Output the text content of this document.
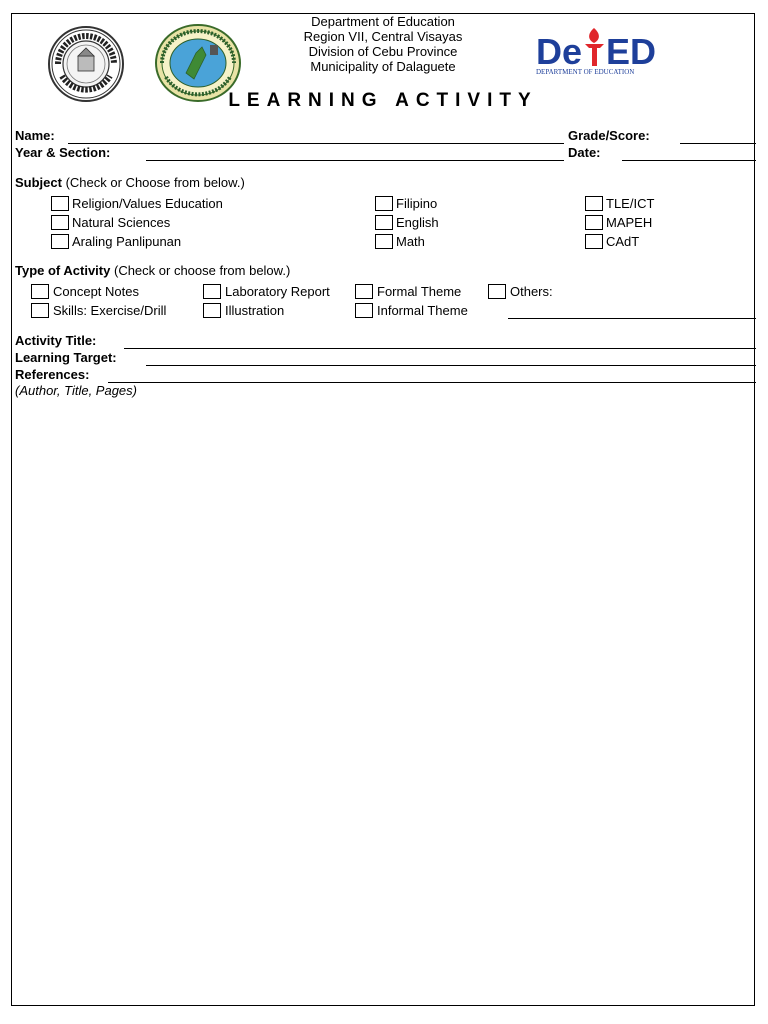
Department of Education
Region VII, Central Visayas
Division of Cebu Province
Municipality of Dalaguete	De ED
DEPARTMENT OF EDUCATION
LEARNING ACTIVITY
Name:	Grade/Score:
Year & Section:	Date:
Subject (Check or Choose from below.)
Religion/Values Education
Natural Sciences
Araling Panlipunan
Filipino
English
Math
TLE/ICT
MAPEH
CAdT
Type of Activity (Check or choose from below.)
Concept Notes
Skills: Exercise/Drill
Laboratory Report
Illustration
Formal Theme
Informal Theme
Others:
Activity Title:
Learning Target:
References:
(Author, Title, Pages)
